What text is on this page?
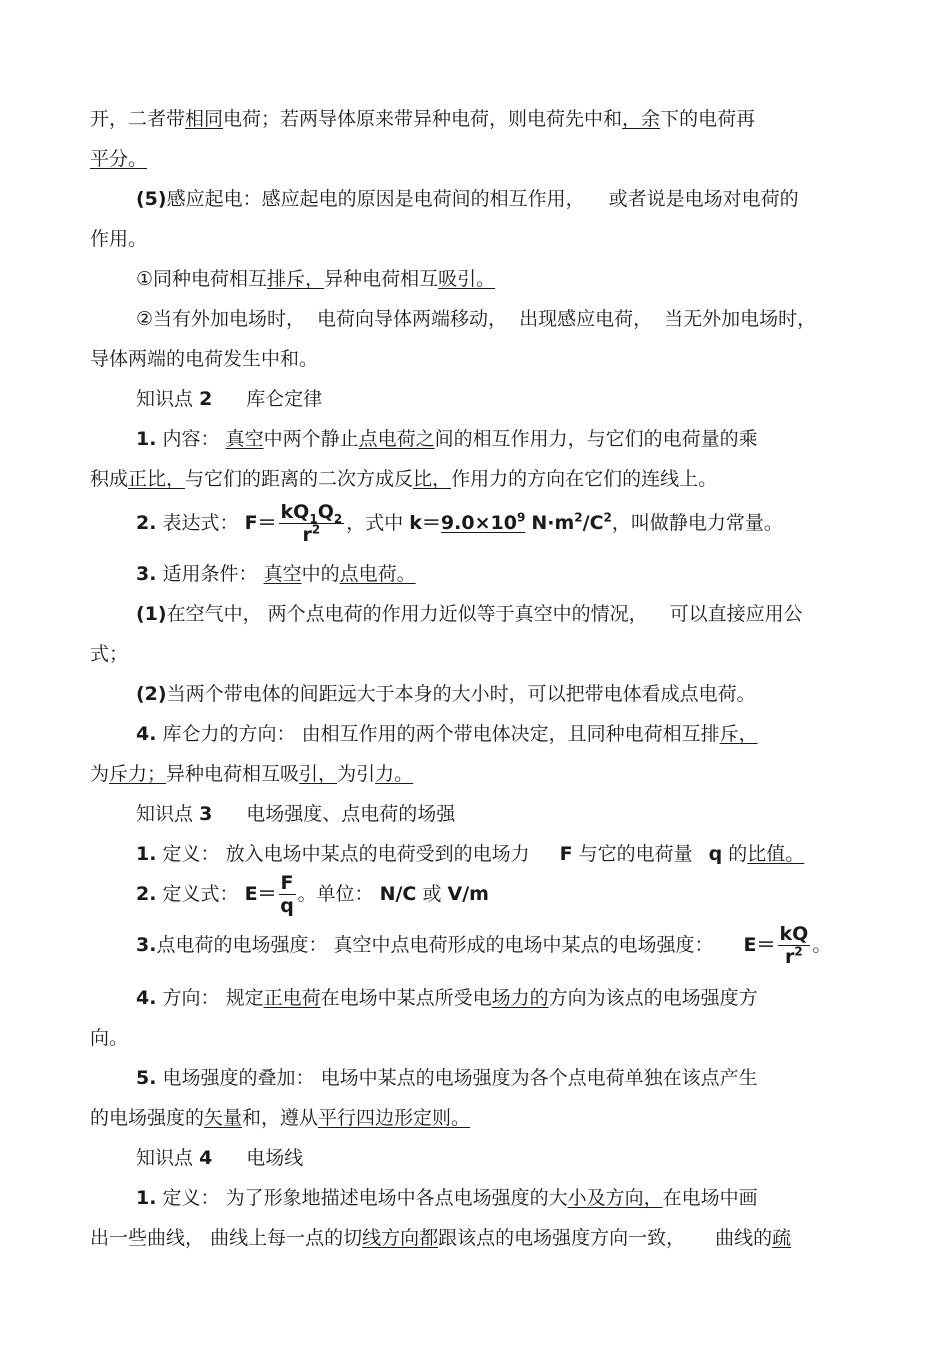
开，二者带相同电荷；若两导体原来带异种电荷，则电荷先中和，余下的电荷再
平分。
(5)感应起电：感应起电的原因是电荷间的相互作用， 或者说是电场对电荷的
作用。
①同种电荷相互排斥，异种电荷相互吸引。
②当有外加电场时， 电荷向导体两端移动， 出现感应电荷， 当无外加电场时，
导体两端的电荷发生中和。
知识点 2 库仑定律
1. 内容： 真空中两个静止点电荷之间的相互作用力，与它们的电荷量的乘
积成正比，与它们的距离的二次方成反比，作用力的方向在它们的连线上。
2. 表达式： $F= \frac{kQ_1Q_2}{r^2}$ ，式中 $k=9.0\times 10^9$ $N\cdot m^2/C^2$，叫做静电力常量。
3. 适用条件： 真空中的点电荷。
(1)在空气中， 两个点电荷的作用力近似等于真空中的情况， 可以直接应用公
式；
(2)当两个带电体的间距远大于本身的大小时，可以把带电体看成点电荷。
4. 库仑力的方向： 由相互作用的两个带电体决定，且同种电荷相互排斥，
为斥力；异种电荷相互吸引，为引力。
知识点 3 电场强度、点电荷的场强
1. 定义： 放入电场中某点的电荷受到的电场力 F 与它的电荷量 q 的比值。
2. 定义式： $E= \frac{F}{q}$ 。单位： N/C 或 V/m
3.点电荷的电场强度： 真空中点电荷形成的电场中某点的电场强度： $E= \frac{kQ}{r^2}$ 。
4. 方向： 规定正电荷在电场中某点所受电场力的方向为该点的电场强度方
向。
5. 电场强度的叠加： 电场中某点的电场强度为各个点电荷单独在该点产生
的电场强度的矢量和，遵从平行四边形定则。
知识点 4 电场线
1. 定义： 为了形象地描述电场中各点电场强度的大小及方向，在电场中画
出一些曲线， 曲线上每一点的切线方向都跟该点的电场强度方向一致， 曲线的疏
